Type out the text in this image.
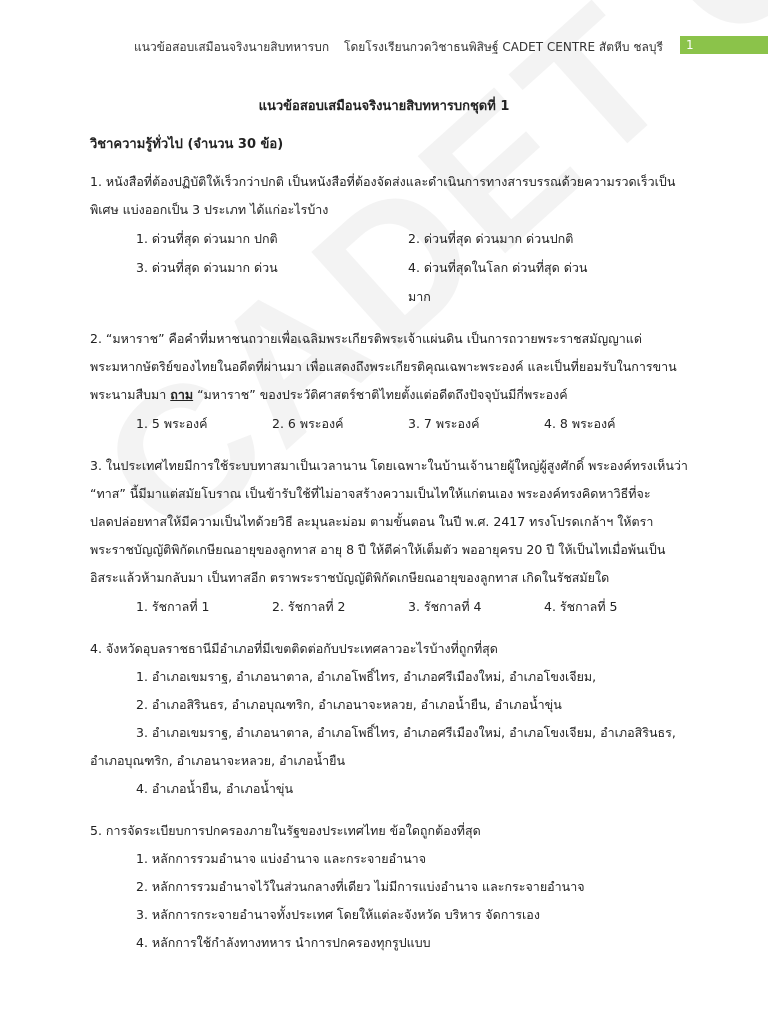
แนวข้อสอบเสมือนจริงนายสิบทหารบก โดยโรงเรียนกวดวิชาธนพิสิษฐ์ CADET CENTRE สัตหีบ ชลบุรี	1
แนวข้อสอบเสมือนจริงนายสิบทหารบกชุดที่ 1
วิชาความรู้ทั่วไป (จำนวน 30 ข้อ)

1. หนังสือที่ต้องปฏิบัติให้เร็วกว่าปกติ เป็นหนังสือที่ต้องจัดส่งและดำเนินการทางสารบรรณด้วยความรวดเร็วเป็น

พิเศษ แบ่งออกเป็น 3 ประเภท ได้แก่อะไรบ้าง

1. ด่วนที่สุด ด่วนมาก ปกติ	2. ด่วนที่สุด ด่วนมาก ด่วนปกติ
3. ด่วนที่สุด ด่วนมาก ด่วน	4. ด่วนที่สุดในโลก ด่วนที่สุด ด่วนมาก

2. “มหาราช” คือคำที่มหาชนถวายเพื่อเฉลิมพระเกียรติพระเจ้าแผ่นดิน เป็นการถวายพระราชสมัญญาแด่

พระมหากษัตริย์ของไทยในอดีตที่ผ่านมา เพื่อแสดงถึงพระเกียรติคุณเฉพาะพระองค์ และเป็นที่ยอมรับในการขาน

พระนามสืบมา ถาม “มหาราช” ของประวัติศาสตร์ชาติไทยตั้งแต่อดีตถึงปัจจุบันมีกี่พระองค์

1. 5 พระองค์	2. 6 พระองค์	3. 7 พระองค์	4. 8 พระองค์

3. ในประเทศไทยมีการใช้ระบบทาสมาเป็นเวลานาน โดยเฉพาะในบ้านเจ้านายผู้ใหญ่ผู้สูงศักดิ์ พระองค์ทรงเห็นว่า

“ทาส” นี้มีมาแต่สมัยโบราณ เป็นข้ารับใช้ที่ไม่อาจสร้างความเป็นไทให้แก่ตนเอง พระองค์ทรงคิดหาวิธีที่จะ

ปลดปล่อยทาสให้มีความเป็นไทด้วยวิธี ละมุนละม่อม ตามขั้นตอน ในปี พ.ศ. 2417 ทรงโปรดเกล้าฯ ให้ตรา

พระราชบัญญัติพิกัดเกษียณอายุของลูกทาส อายุ 8 ปี ให้ตีค่าให้เต็มตัว พออายุครบ 20 ปี ให้เป็นไทเมื่อพ้นเป็น

อิสระแล้วห้ามกลับมา เป็นทาสอีก ตราพระราชบัญญัติพิกัดเกษียณอายุของลูกทาส เกิดในรัชสมัยใด

1. รัชกาลที่ 1	2. รัชกาลที่ 2	3. รัชกาลที่ 4	4. รัชกาลที่ 5

4. จังหวัดอุบลราชธานีมีอำเภอที่มีเขตติดต่อกับประเทศลาวอะไรบ้างที่ถูกที่สุด

1. อำเภอเขมราฐ, อำเภอนาตาล, อำเภอโพธิ์ไทร, อำเภอศรีเมืองใหม่, อำเภอโขงเจียม,
2. อำเภอสิรินธร, อำเภอบุณฑริก, อำเภอนาจะหลวย, อำเภอน้ำยืน, อำเภอน้ำขุ่น
3. อำเภอเขมราฐ, อำเภอนาตาล, อำเภอโพธิ์ไทร, อำเภอศรีเมืองใหม่, อำเภอโขงเจียม, อำเภอสิรินธร,
อำเภอบุณฑริก, อำเภอนาจะหลวย, อำเภอน้ำยืน
4. อำเภอน้ำยืน, อำเภอน้ำขุ่น

5. การจัดระเบียบการปกครองภายในรัฐของประเทศไทย ข้อใดถูกต้องที่สุด

1. หลักการรวมอำนาจ แบ่งอำนาจ และกระจายอำนาจ
2. หลักการรวมอำนาจไว้ในส่วนกลางที่เดียว ไม่มีการแบ่งอำนาจ และกระจายอำนาจ
3. หลักการกระจายอำนาจทั้งประเทศ โดยให้แต่ละจังหวัด บริหาร จัดการเอง
4. หลักการใช้กำลังทางทหาร นำการปกครองทุกรูปแบบ
